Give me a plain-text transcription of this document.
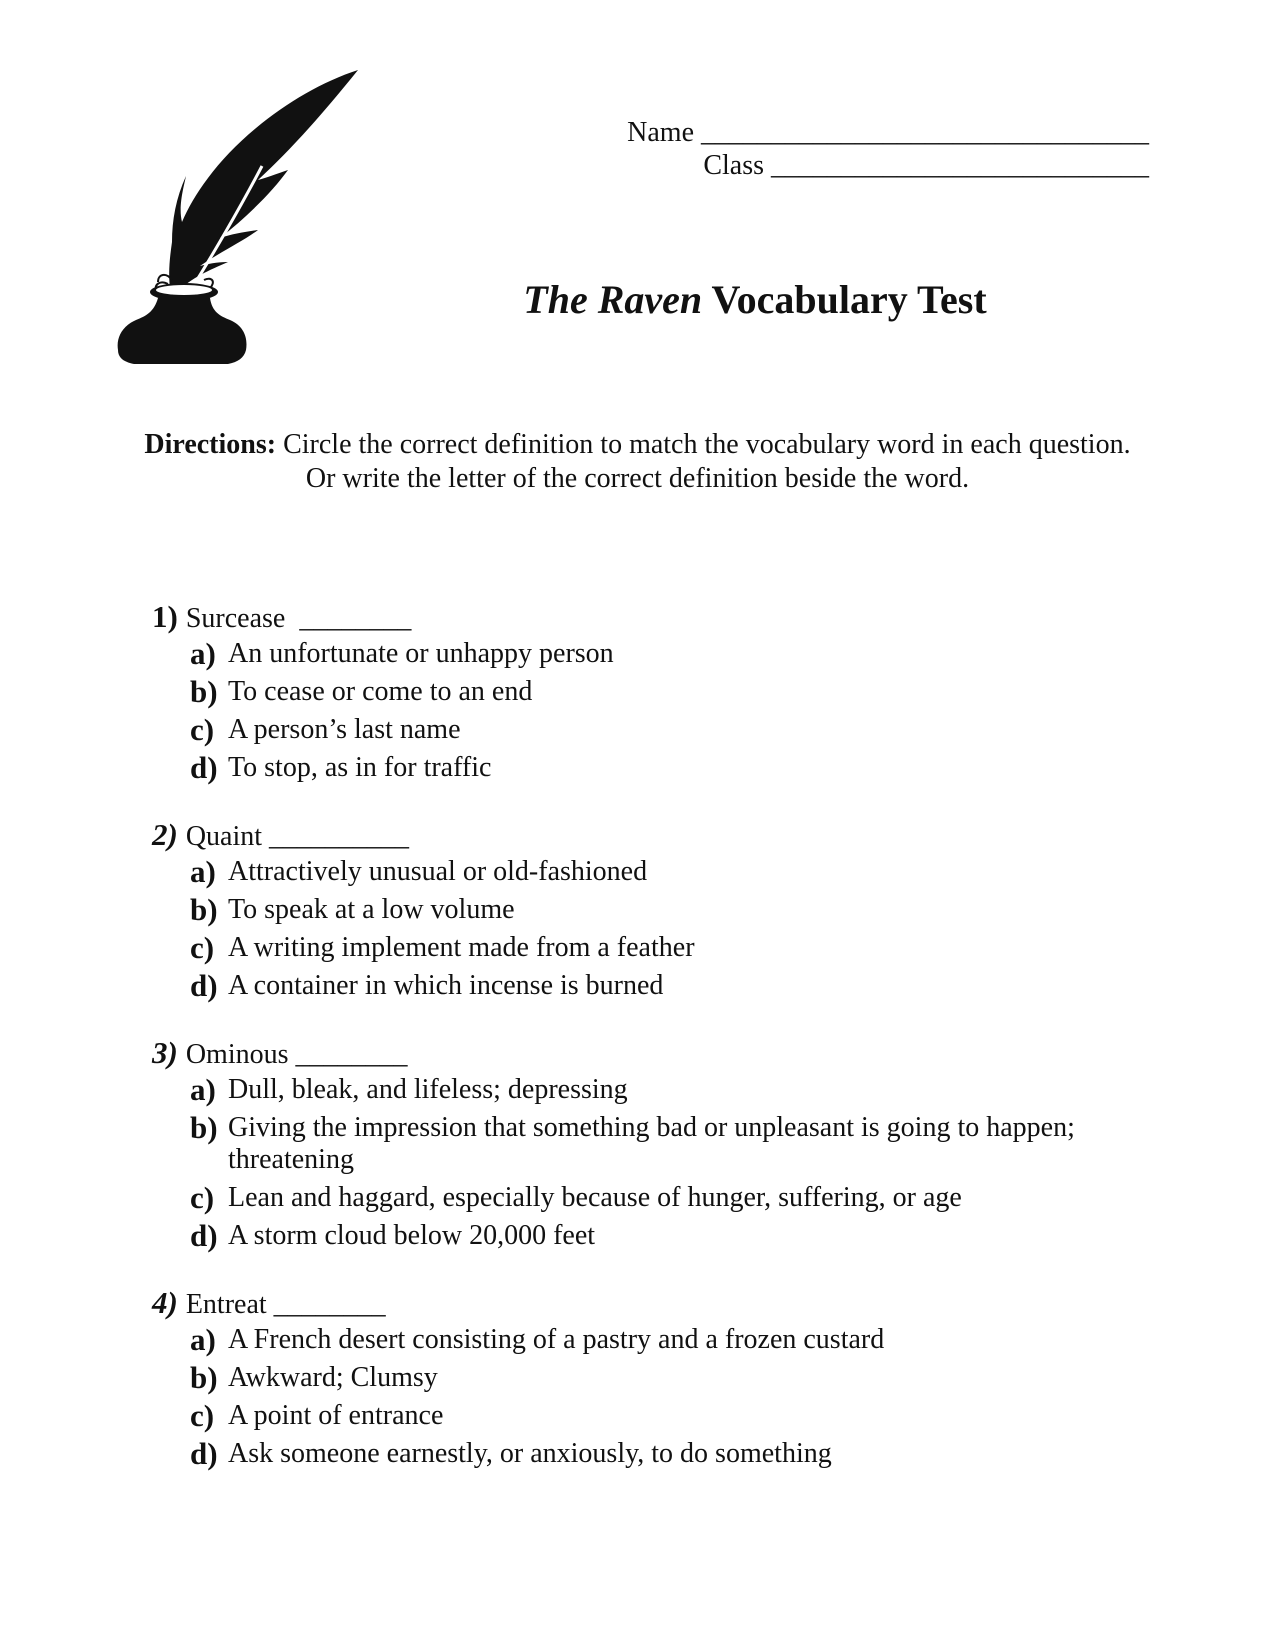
Name ________________________________
Class ___________________________
The Raven Vocabulary Test
Directions: Circle the correct definition to match the vocabulary word in each question.
Or write the letter of the correct definition beside the word.
1) Surcease ________
a) An unfortunate or unhappy person
b) To cease or come to an end
c) A person’s last name
d) To stop, as in for traffic
2) Quaint __________
a) Attractively unusual or old-fashioned
b) To speak at a low volume
c) A writing implement made from a feather
d) A container in which incense is burned
3) Ominous ________
a) Dull, bleak, and lifeless; depressing
b) Giving the impression that something bad or unpleasant is going to happen; threatening
c) Lean and haggard, especially because of hunger, suffering, or age
d) A storm cloud below 20,000 feet
4) Entreat ________
a) A French desert consisting of a pastry and a frozen custard
b) Awkward; Clumsy
c) A point of entrance
d) Ask someone earnestly, or anxiously, to do something
